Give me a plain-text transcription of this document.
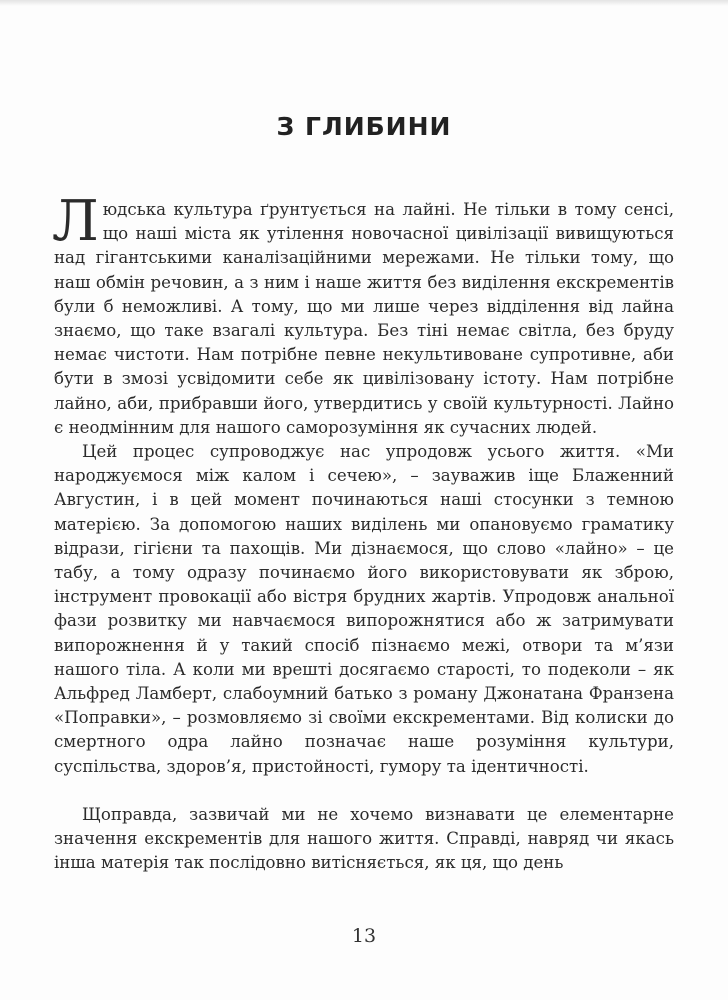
З ГЛИБИНИ

Людська культура ґрунтується на лайні. Не тільки в тому сенсі, що наші міста як утілення новочасної цивілізації вивищуються над гігантськими каналізаційними мережами. Не тільки тому, що наш обмін речовин, а з ним і наше життя без виділення екскрементів були б неможливі. А тому, що ми лише через відділення від лайна знаємо, що таке взагалі культура. Без тіні немає світла, без бруду немає чистоти. Нам потрібне певне некультивоване супротивне, аби бути в змозі усвідомити себе як цивілізовану істоту. Нам потрібне лайно, аби, прибравши його, утвердитись у своїй культурності. Лайно є неодмінним для нашого саморозуміння як сучасних людей.

Цей процес супроводжує нас упродовж усього життя. «Ми народжуємося між калом і сечею», – зауважив іще Блаженний Августин, і в цей момент починаються наші стосунки з темною матерією. За допомогою наших виділень ми опановуємо граматику відрази, гігієни та пахощів. Ми дізнаємося, що слово «лайно» – це табу, а тому одразу починаємо його використовувати як зброю, інструмент провокації або вістря брудних жартів. Упродовж анальної фази розвитку ми навчаємося випорожнятися або ж затримувати випорожнення й у такий спосіб пізнаємо межі, отвори та м’язи нашого тіла. А коли ми врешті досягаємо старості, то подеколи – як Альфред Ламберт, слабоумний батько з роману Джонатана Франзена «Поправки», – розмовляємо зі своїми екскрементами. Від колиски до смертного одра лайно позначає наше розуміння культури, суспільства, здоров’я, пристойності, гумору та ідентичності.

Щоправда, зазвичай ми не хочемо визнавати це елементарне значення екскрементів для нашого життя. Справді, навряд чи якась інша матерія так послідовно витісняється, як ця, що день

13
